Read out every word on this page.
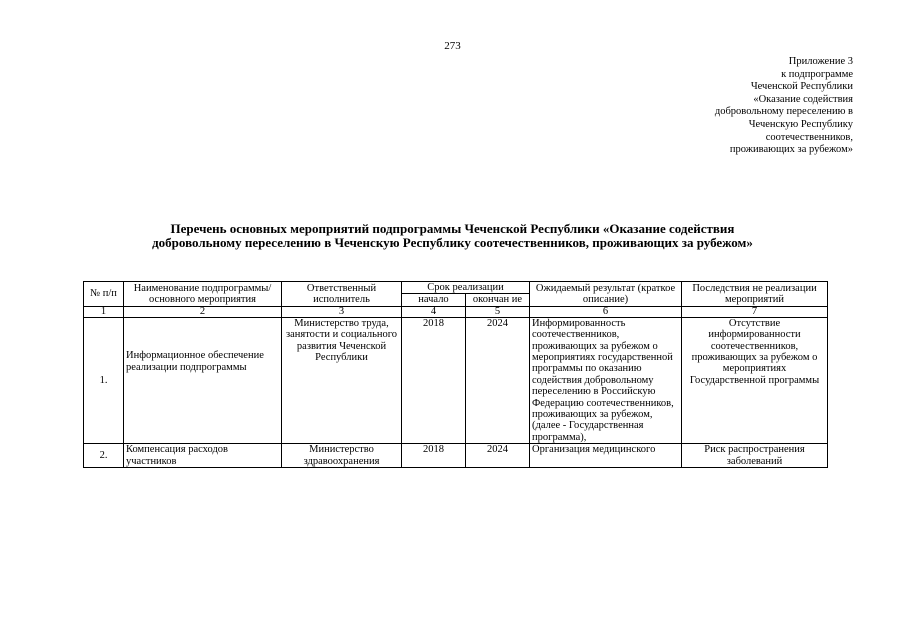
273
Приложение 3
к подпрограмме
Чеченской Республики
«Оказание содействия
добровольному переселению в
Чеченскую Республику
соотечественников,
проживающих за рубежом»
Перечень основных мероприятий подпрограммы Чеченской Республики «Оказание содействия
добровольному переселению в Чеченскую Республику соотечественников, проживающих за рубежом»
№ п/п	Наименование подпрограммы/ основного мероприятия	Ответственный исполнитель	Срок реализации		Ожидаемый результат (краткое описание)	Последствия не реализации мероприятий
			начало	окончан ие		
1	2	3	4	5	6	7
1.	Информационное обеспечение реализации подпрограммы	Министерство труда, занятости и социального развития Чеченской Республики	2018	2024	Информированность соотечественников, проживающих за рубежом о мероприятиях государственной программы по оказанию содействия добровольному переселению в Российскую Федерацию соотечественников, проживающих за рубежом, (далее - Государственная программа),	Отсутствие информированности соотечественников, проживающих за рубежом о мероприятиях Государственной программы
2.	Компенсация расходов участников	Министерство здравоохранения	2018	2024	Организация медицинского	Риск распространения заболеваний
